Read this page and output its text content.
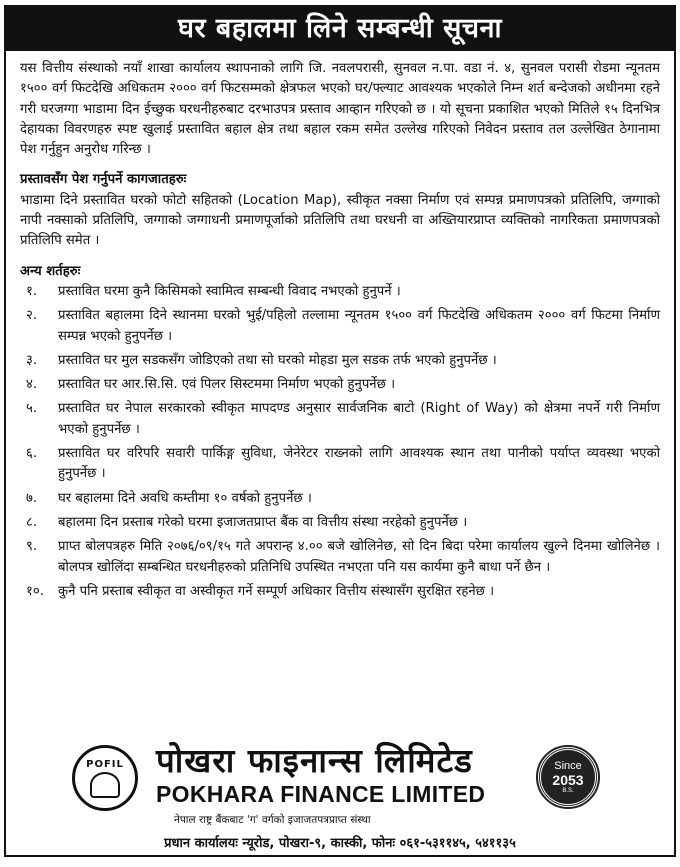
घर बहालमा लिने सम्बन्धी सूचना

यस वित्तीय संस्थाको नयाँ शाखा कार्यालय स्थापनाको लागि जि. नवलपरासी, सुनवल न.पा. वडा नं. ४, सुनवल परासी रोडमा न्यूनतम १५०० वर्ग फिटदेखि अधिकतम २००० वर्ग फिटसम्मको क्षेत्रफल भएको घर/फ्ल्याट आवश्यक भएकोले निम्न शर्त बन्देजको अधीनमा रहने गरी घरजग्गा भाडामा दिन ईच्छुक घरधनीहरुबाट दरभाउपत्र प्रस्ताव आव्हान गरिएको छ । यो सूचना प्रकाशित भएको मितिले १५ दिनभित्र देहायका विवरणहरु स्पष्ट खुलाई प्रस्तावित बहाल क्षेत्र तथा बहाल रकम समेत उल्लेख गरिएको निवेदन प्रस्ताव तल उल्लेखित ठेगानामा पेश गर्नुहुन अनुरोध गरिन्छ ।

प्रस्तावसँग पेश गर्नुपर्ने कागजातहरुः

भाडामा दिने प्रस्तावित घरको फोटो सहितको (Location Map), स्वीकृत नक्सा निर्माण एवं सम्पन्न प्रमाणपत्रको प्रतिलिपि, जग्गाको नापी नक्साको प्रतिलिपि, जग्गाको जग्गाधनी प्रमाणपूर्जाको प्रतिलिपि तथा घरधनी वा अख्तियारप्राप्त व्यक्तिको नागरिकता प्रमाणपत्रको प्रतिलिपि समेत ।

अन्य शर्तहरुः

१.	प्रस्तावित घरमा कुनै किसिमको स्वामित्व सम्बन्धी विवाद नभएको हुनुपर्ने ।
२.	प्रस्तावित बहालमा दिने स्थानमा घरको भुई/पहिलो तल्लामा न्यूनतम १५०० वर्ग फिटदेखि अधिकतम २००० वर्ग फिटमा निर्माण सम्पन्न भएको हुनुपर्नेछ ।
३.	प्रस्तावित घर मुल सडकसँग जोडिएको तथा सो घरको मोहडा मुल सडक तर्फ भएको हुनुपर्नेछ ।
४.	प्रस्तावित घर आर.सि.सि. एवं पिलर सिस्टममा निर्माण भएको हुनुपर्नेछ ।
५.	प्रस्तावित घर नेपाल सरकारको स्वीकृत मापदण्ड अनुसार सार्वजनिक बाटो (Right of Way) को क्षेत्रमा नपर्ने गरी निर्माण भएको हुनुपर्नेछ ।
६.	प्रस्तावित घर वरिपरि सवारी पार्किङ्ग सुविधा, जेनेरेटर राख्नको लागि आवश्यक स्थान तथा पानीको पर्याप्त व्यवस्था भएको हुनुपर्नेछ ।
७.	घर बहालमा दिने अवधि कम्तीमा १० वर्षको हुनुपर्नेछ ।
८.	बहालमा दिन प्रस्ताब गरेको घरमा इजाजतप्राप्त बैंक वा वित्तीय संस्था नरहेको हुनुपर्नेछ ।
९.	प्राप्त बोलपत्रहरु मिति २०७६/०९/१५ गते अपरान्ह ४.०० बजे खोलिनेछ, सो दिन बिदा परेमा कार्यालय खुल्ने दिनमा खोलिनेछ । बोलपत्र खोलिंदा सम्बन्धित घरधनीहरुको प्रतिनिधि उपस्थित नभएता पनि यस कार्यमा कुनै बाधा पर्ने छैन ।
१०.	कुनै पनि प्रस्ताब स्वीकृत वा अस्वीकृत गर्ने सम्पूर्ण अधिकार वित्तीय संस्थासँग सुरक्षित रहनेछ ।
POFIL पोखरा फाइनान्स लिमिटेड
POKHARA FINANCE LIMITED
नेपाल राष्ट्र बैंकबाट 'ग' वर्गको इजाजतपत्रप्राप्त संस्था
Since
2053
B.S.
प्रधान कार्यालयः न्यूरोड, पोखरा-९, कास्की, फोनः ०६१-५३११४५, ५४११३५
